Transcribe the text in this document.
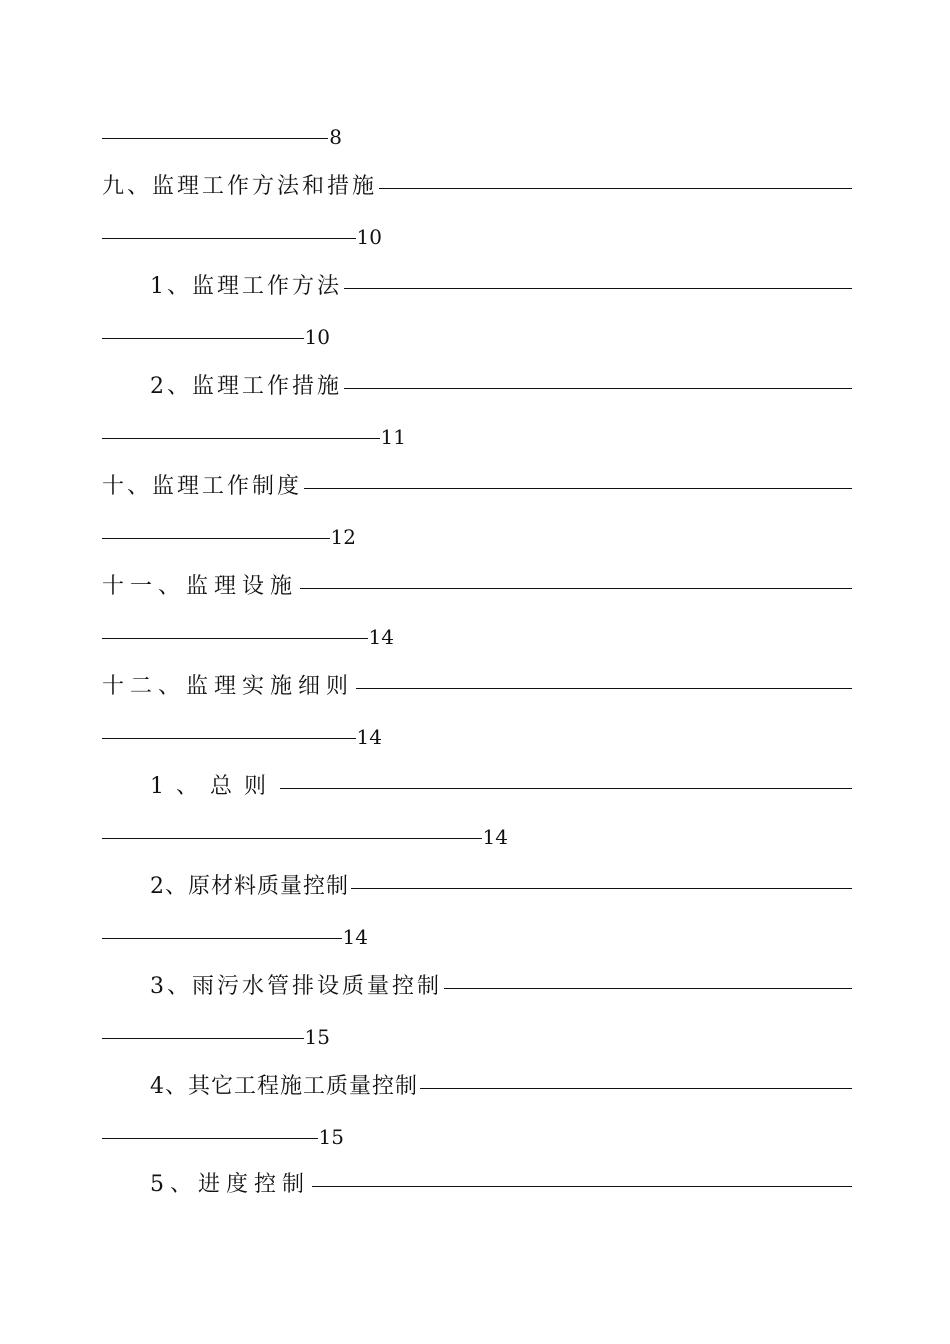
8
九、监理工作方法和措施
10
1、监理工作方法
10
2、监理工作措施
11
十、监理工作制度
12
十一、监理设施
14
十二、监理实施细则
14
1、总则
14
2、原材料质量控制
14
3、雨污水管排设质量控制
15
4、其它工程施工质量控制
15
5、进度控制
